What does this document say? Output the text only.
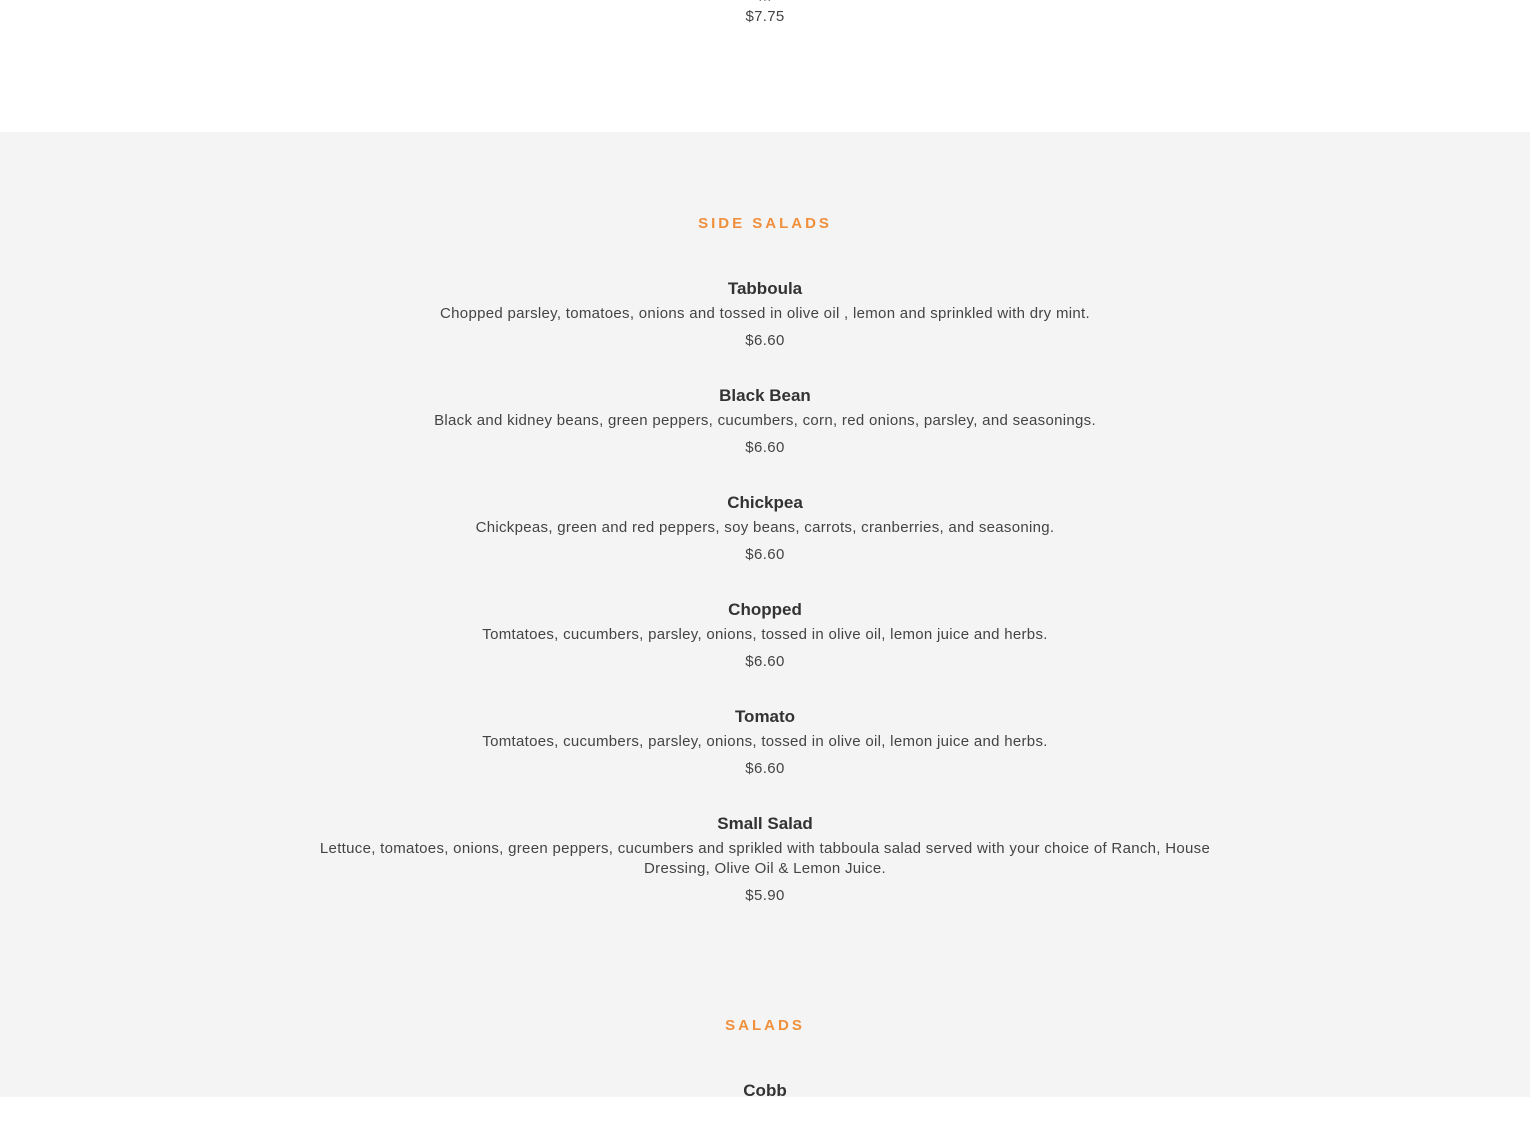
$7.75
SIDE SALADS
Tabboula
Chopped parsley, tomatoes, onions and tossed in olive oil , lemon and sprinkled with dry mint.
$6.60
Black Bean
Black and kidney beans, green peppers, cucumbers, corn, red onions, parsley, and seasonings.
$6.60
Chickpea
Chickpeas, green and red peppers, soy beans, carrots, cranberries, and seasoning.
$6.60
Chopped
Tomtatoes, cucumbers, parsley, onions, tossed in olive oil, lemon juice and herbs.
$6.60
Tomato
Tomtatoes, cucumbers, parsley, onions, tossed in olive oil, lemon juice and herbs.
$6.60
Small Salad
Lettuce, tomatoes, onions, green peppers, cucumbers and sprikled with tabboula salad served with your choice of Ranch, House Dressing, Olive Oil & Lemon Juice.
$5.90
SALADS
Cobb
